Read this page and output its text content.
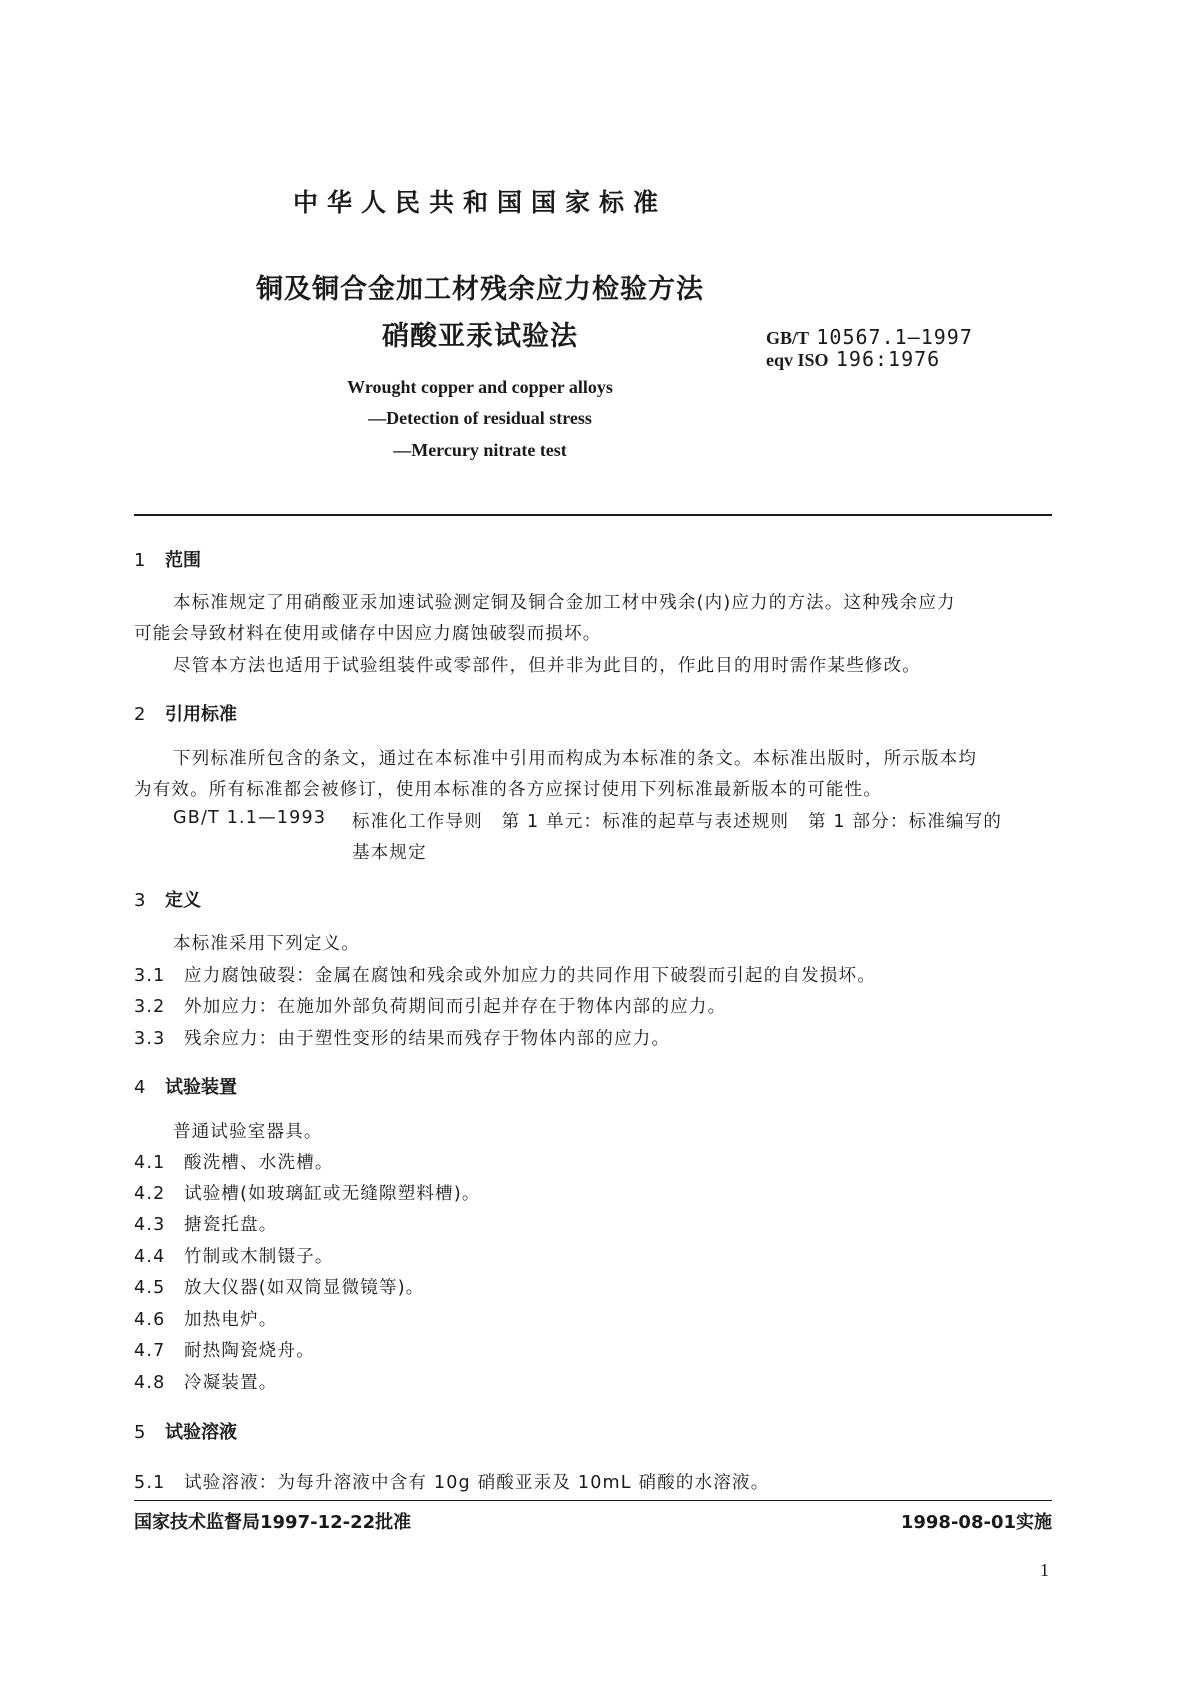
中华人民共和国国家标准
铜及铜合金加工材残余应力检验方法
硝酸亚汞试验法	GB/T 10567.1—1997
eqv ISO 196:1976
Wrought copper and copper alloys
—Detection of residual stress
—Mercury nitrate test
1 范围
本标准规定了用硝酸亚汞加速试验测定铜及铜合金加工材中残余(内)应力的方法。这种残余应力
可能会导致材料在使用或储存中因应力腐蚀破裂而损坏。
尽管本方法也适用于试验组装件或零部件，但并非为此目的，作此目的用时需作某些修改。
2 引用标准
下列标准所包含的条文，通过在本标准中引用而构成为本标准的条文。本标准出版时，所示版本均
为有效。所有标准都会被修订，使用本标准的各方应探讨使用下列标准最新版本的可能性。
GB/T 1.1—1993 标准化工作导则　第 1 单元：标准的起草与表述规则　第 1 部分：标准编写的
基本规定
3 定义
本标准采用下列定义。
3.1 应力腐蚀破裂：金属在腐蚀和残余或外加应力的共同作用下破裂而引起的自发损坏。
3.2 外加应力：在施加外部负荷期间而引起并存在于物体内部的应力。
3.3 残余应力：由于塑性变形的结果而残存于物体内部的应力。
4 试验装置
普通试验室器具。
4.1 酸洗槽、水洗槽。
4.2 试验槽(如玻璃缸或无缝隙塑料槽)。
4.3 搪瓷托盘。
4.4 竹制或木制镊子。
4.5 放大仪器(如双筒显微镜等)。
4.6 加热电炉。
4.7 耐热陶瓷烧舟。
4.8 冷凝装置。
5 试验溶液
5.1 试验溶液：为每升溶液中含有 10g 硝酸亚汞及 10mL 硝酸的水溶液。
国家技术监督局1997-12-22批准	1998-08-01实施
1
